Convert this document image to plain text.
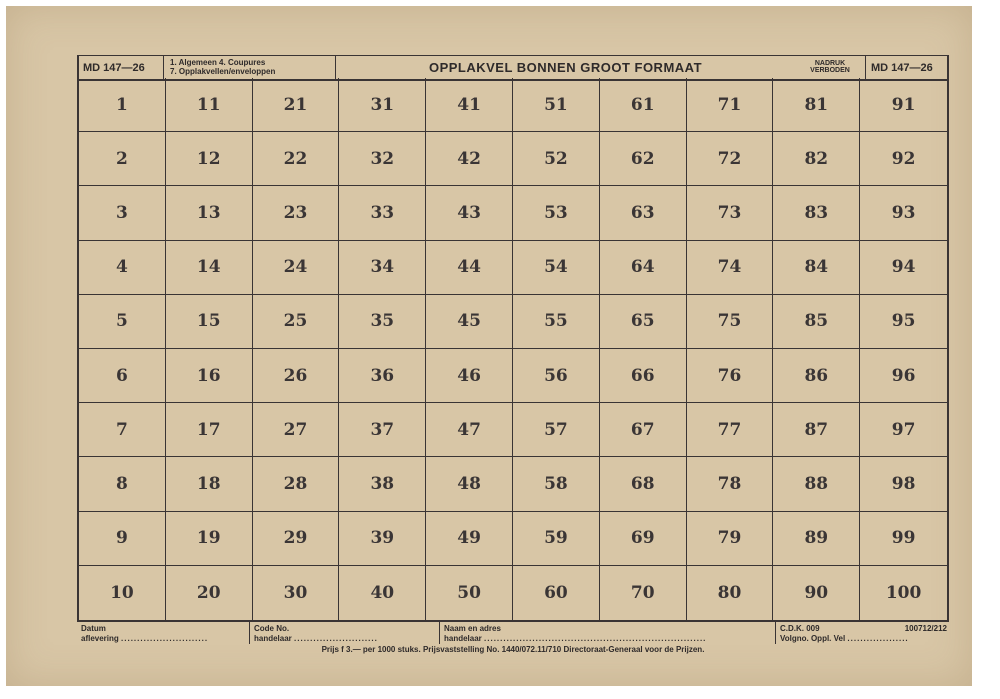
MD 147—26	1. Algemeen 4. Coupures
7. Opplakvellen/enveloppen	OPPLAKVEL BONNEN GROOT FORMAAT	NADRUK
VERBODEN	MD 147—26
1	11	21	31	41	51	61	71	81	91
2	12	22	32	42	52	62	72	82	92
3	13	23	33	43	53	63	73	83	93
4	14	24	34	44	54	64	74	84	94
5	15	25	35	45	55	65	75	85	95
6	16	26	36	46	56	66	76	86	96
7	17	27	37	47	57	67	77	87	97
8	18	28	38	48	58	68	78	88	98
9	19	29	39	49	59	69	79	89	99
10	20	30	40	50	60	70	80	90	100
Datum
aflevering ...........................
Code No.
handelaar ..........................
Naam en adres
handelaar .....................................................................
C.D.K. 009	100712/212
Volgno. Oppl. Vel ...................
Prijs f 3.— per 1000 stuks. Prijsvaststelling No. 1440/072.11/710 Directoraat-Generaal voor de Prijzen.
